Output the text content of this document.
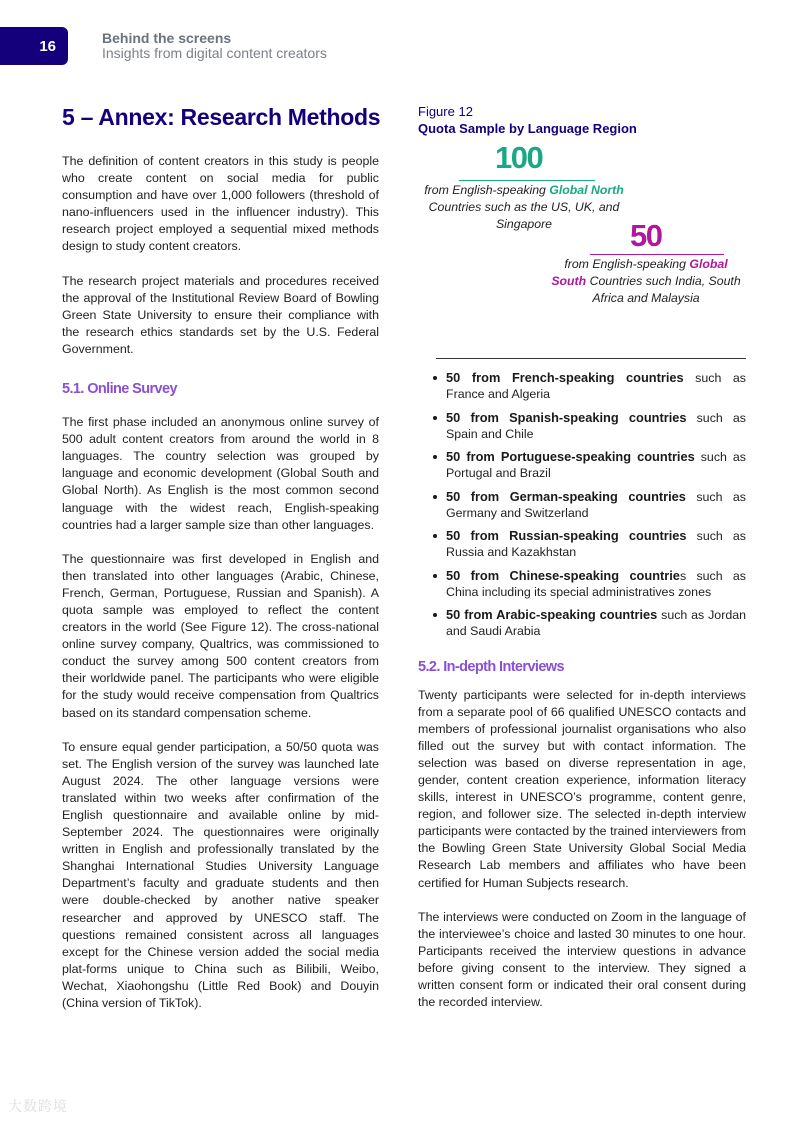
16	Behind the screens
Insights from digital content creators
5 – Annex: Research Methods

The definition of content creators in this study is people who create content on social media for public consumption and have over 1,000 followers (threshold of nano-influencers used in the influencer industry). This research project employed a sequential mixed methods design to study content creators.

The research project materials and procedures received the approval of the Institutional Review Board of Bowling Green State University to ensure their compliance with the research ethics standards set by the U.S. Federal Government.

5.1. Online Survey

The first phase included an anonymous online survey of 500 adult content creators from around the world in 8 languages. The country selection was grouped by language and economic development (Global South and Global North). As English is the most common second language with the widest reach, English-speaking countries had a larger sample size than other languages.

The questionnaire was first developed in English and then translated into other languages (Arabic, Chinese, French, German, Portuguese, Russian and Spanish). A quota sample was employed to reflect the content creators in the world (See Figure 12). The cross-national online survey company, Qualtrics, was commissioned to conduct the survey among 500 content creators from their worldwide panel. The participants who were eligible for the study would receive compensation from Qualtrics based on its standard compensation scheme.

To ensure equal gender participation, a 50/50 quota was set. The English version of the survey was launched late August 2024. The other language versions were translated within two weeks after confirmation of the English questionnaire and available online by mid- September 2024. The questionnaires were originally written in English and professionally translated by the Shanghai International Studies University Language Department’s faculty and graduate students and then were double-checked by another native speaker researcher and approved by UNESCO staff. The questions remained consistent across all languages except for the Chinese version added the social media plat-forms unique to China such as Bilibili, Weibo, Wechat, Xiaohongshu (Little Red Book) and Douyin (China version of TikTok).

Figure 12
Quota Sample by Language Region
100
from English-speaking Global North Countries such as the US, UK, and Singapore	50
from English-speaking Global South Countries such India, South Africa and Malaysia
50 from French-speaking countries such as France and Algeria
50 from Spanish-speaking countries such as Spain and Chile
50 from Portuguese-speaking countries such as Portugal and Brazil
50 from German-speaking countries such as Germany and Switzerland
50 from Russian-speaking countries such as Russia and Kazakhstan
50 from Chinese-speaking countries such as China including its special administratives zones
50 from Arabic-speaking countries such as Jordan and Saudi Arabia
5.2. In-depth Interviews

Twenty participants were selected for in-depth interviews from a separate pool of 66 qualified UNESCO contacts and members of professional journalist organisations who also filled out the survey but with contact information. The selection was based on diverse representation in age, gender, content creation experience, information literacy skills, interest in UNESCO’s programme, content genre, region, and follower size. The selected in-depth interview participants were contacted by the trained interviewers from the Bowling Green State University Global Social Media Research Lab members and affiliates who have been certified for Human Subjects research.

The interviews were conducted on Zoom in the language of the interviewee’s choice and lasted 30 minutes to one hour. Participants received the interview questions in advance before giving consent to the interview. They signed a written consent form or indicated their oral consent during the recorded interview.

大数跨境
